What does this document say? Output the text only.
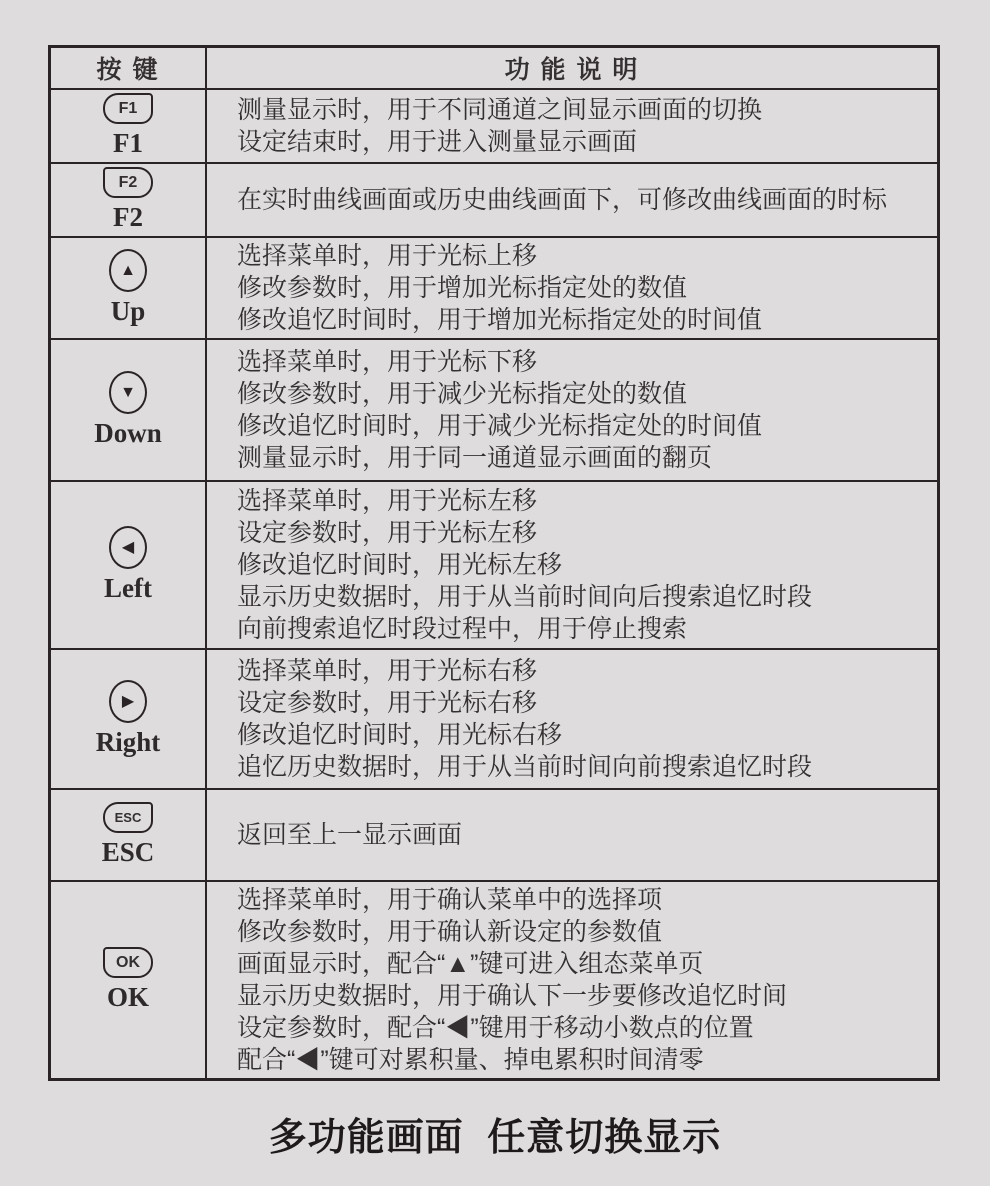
按 键	功 能 说 明
F1
F1
测量显示时，用于不同通道之间显示画面的切换
设定结束时，用于进入测量显示画面
F2
F2
在实时曲线画面或历史曲线画面下，可修改曲线画面的时标
▲
Up
选择菜单时，用于光标上移
修改参数时，用于增加光标指定处的数值
修改追忆时间时，用于增加光标指定处的时间值
▼
Down
选择菜单时，用于光标下移
修改参数时，用于减少光标指定处的数值
修改追忆时间时，用于减少光标指定处的时间值
测量显示时，用于同一通道显示画面的翻页
◀
Left
选择菜单时，用于光标左移
设定参数时，用于光标左移
修改追忆时间时，用光标左移
显示历史数据时，用于从当前时间向后搜索追忆时段
向前搜索追忆时段过程中，用于停止搜索
▶
Right
选择菜单时，用于光标右移
设定参数时，用于光标右移
修改追忆时间时，用光标右移
追忆历史数据时，用于从当前时间向前搜索追忆时段
ESC
ESC
返回至上一显示画面
OK
OK
选择菜单时，用于确认菜单中的选择项
修改参数时，用于确认新设定的参数值
画面显示时，配合“▲”键可进入组态菜单页
显示历史数据时，用于确认下一步要修改追忆时间
设定参数时，配合“◀”键用于移动小数点的位置
配合“◀”键可对累积量、掉电累积时间清零
多功能画面 任意切换显示
